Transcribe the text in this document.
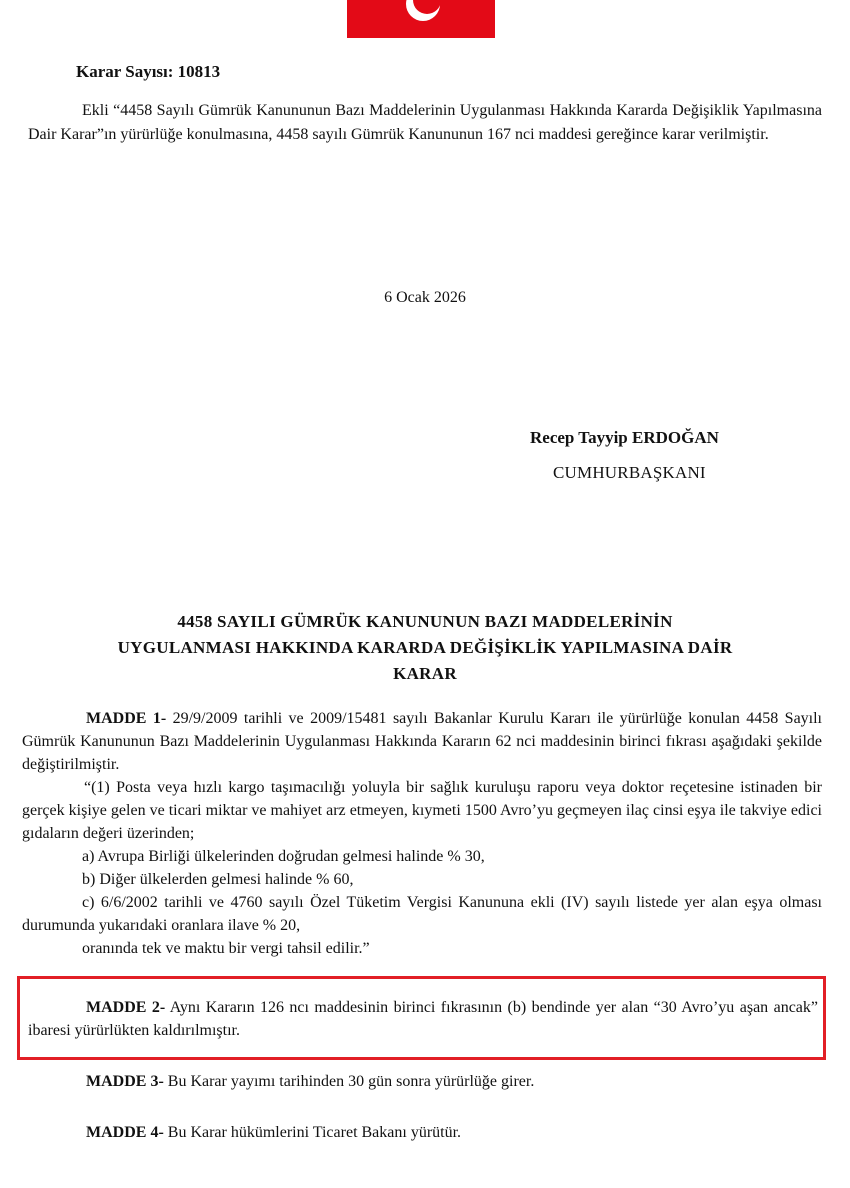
Karar Sayısı: 10813

Ekli “4458 Sayılı Gümrük Kanununun Bazı Maddelerinin Uygulanması Hakkında Kararda Değişiklik Yapılmasına Dair Karar”ın yürürlüğe konulmasına, 4458 sayılı Gümrük Kanununun 167 nci maddesi gereğince karar verilmiştir.

6 Ocak 2026
Recep Tayyip ERDOĞAN
CUMHURBAŞKANI
4458 SAYILI GÜMRÜK KANUNUNUN BAZI MADDELERİNİN
UYGULANMASI HAKKINDA KARARDA DEĞİŞİKLİK YAPILMASINA DAİR
KARAR

MADDE 1- 29/9/2009 tarihli ve 2009/15481 sayılı Bakanlar Kurulu Kararı ile yürürlüğe konulan 4458 Sayılı Gümrük Kanununun Bazı Maddelerinin Uygulanması Hakkında Kararın 62 nci maddesinin birinci fıkrası aşağıdaki şekilde değiştirilmiştir.

“(1) Posta veya hızlı kargo taşımacılığı yoluyla bir sağlık kuruluşu raporu veya doktor reçetesine istinaden bir gerçek kişiye gelen ve ticari miktar ve mahiyet arz etmeyen, kıymeti 1500 Avro’yu geçmeyen ilaç cinsi eşya ile takviye edici gıdaların değeri üzerinden;

a) Avrupa Birliği ülkelerinden doğrudan gelmesi halinde % 30,

b) Diğer ülkelerden gelmesi halinde % 60,

c) 6/6/2002 tarihli ve 4760 sayılı Özel Tüketim Vergisi Kanununa ekli (IV) sayılı listede yer alan eşya olması durumunda yukarıdaki oranlara ilave % 20,

oranında tek ve maktu bir vergi tahsil edilir.”

MADDE 2- Aynı Kararın 126 ncı maddesinin birinci fıkrasının (b) bendinde yer alan “30 Avro’yu aşan ancak” ibaresi yürürlükten kaldırılmıştır.

MADDE 3- Bu Karar yayımı tarihinden 30 gün sonra yürürlüğe girer.
MADDE 4- Bu Karar hükümlerini Ticaret Bakanı yürütür.
